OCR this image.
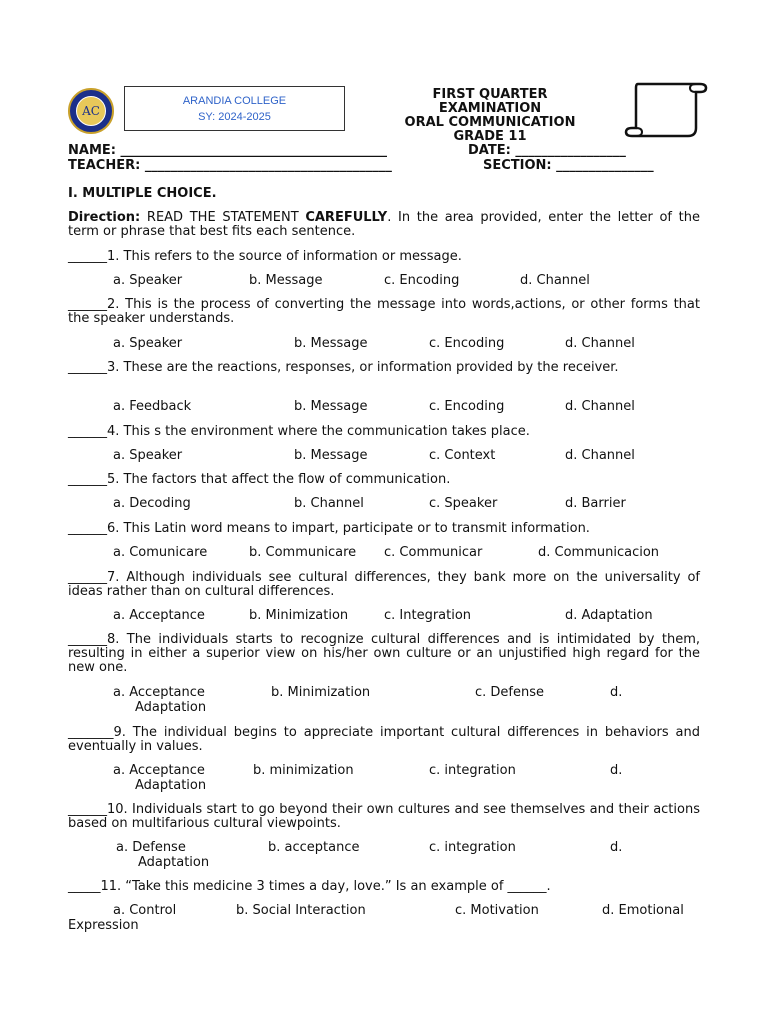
AC
ARANDIA COLLEGE
SY: 2024-2025
FIRST QUARTER
EXAMINATION
ORAL COMMUNICATION
GRADE 11
NAME: _________________________________________	DATE: _________________
TEACHER: ______________________________________	SECTION: _______________
I. MULTIPLE CHOICE.
Direction: READ THE STATEMENT CAREFULLY. In the area provided, enter the letter of the term or phrase that best fits each sentence.
______1. This refers to the source of information or message.
a. Speaker	b. Message	c. Encoding	d. Channel
______2. This is the process of converting the message into words,actions, or other forms that the speaker understands.
a. Speaker	b. Message	c. Encoding	d. Channel
______3. These are the reactions, responses, or information provided by the receiver.
a. Feedback	b. Message	c. Encoding	d. Channel
______4. This s the environment where the communication takes place.
a. Speaker	b. Message	c. Context	d. Channel
______5. The factors that affect the flow of communication.
a. Decoding	b. Channel	c. Speaker	d. Barrier
______6. This Latin word means to impart, participate or to transmit information.
a. Comunicare	b. Communicare c. Communicar	d. Communicacion
______7. Although individuals see cultural differences, they bank more on the universality of ideas rather than on cultural differences.
a. Acceptance	b. Minimization	c. Integration	d. Adaptation
______8. The individuals starts to recognize cultural differences and is intimidated by them, resulting in either a superior view on his/her own culture or an unjustified high regard for the new one.
a. Acceptance	b. Minimization	c. Defense	d.
Adaptation
_______9. The individual begins to appreciate important cultural differences in behaviors and eventually in values.
a. Acceptance	b. minimization	c. integration	d.
Adaptation
______10. Individuals start to go beyond their own cultures and see themselves and their actions based on multifarious cultural viewpoints.
a. Defense	b. acceptance	c. integration	d.
Adaptation
_____11. “Take this medicine 3 times a day, love.” Is an example of ______.
a. Control	b. Social Interaction	c. Motivation	d. Emotional
Expression
